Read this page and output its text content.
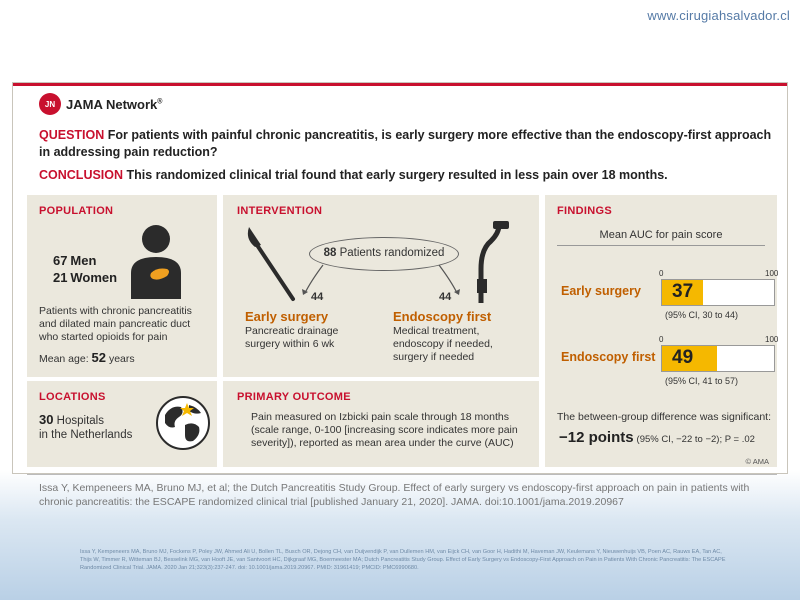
www.cirugiahsalvador.cl
JN JAMA Network®

QUESTION For patients with painful chronic pancreatitis, is early surgery more effective than the endoscopy-first approach in addressing pain reduction?

CONCLUSION This randomized clinical trial found that early surgery resulted in less pain over 18 months.

POPULATION
67 Men
21 Women
Patients with chronic pancreatitis and dilated main pancreatic duct who started opioids for pain
Mean age: 52 years
LOCATIONS
30 Hospitals
in the Netherlands
INTERVENTION
88 Patients randomized
44	44
Early surgery
Pancreatic drainage
surgery within 6 wk
Endoscopy first
Medical treatment,
endoscopy if needed,
surgery if needed
PRIMARY OUTCOME
Pain measured on Izbicki pain scale through 18 months (scale range, 0-100 [increasing score indicates more pain severity]), reported as mean area under the curve (AUC)
FINDINGS
Mean AUC for pain score
0	100
Early surgery 37
(95% CI, 30 to 44)
0	100
Endoscopy first 49
(95% CI, 41 to 57)
The between-group difference was significant:
−12 points (95% CI, −22 to −2); P = .02
© AMA
Issa Y, Kempeneers MA, Bruno MJ, et al; the Dutch Pancreatitis Study Group. Effect of early surgery vs endoscopy-first approach on pain in patients with chronic pancreatitis: the ESCAPE randomized clinical trial [published January 21, 2020]. JAMA. doi:10.1001/jama.2019.20967
Issa Y, Kempeneers MA, Bruno MJ, Fockens P, Poley JW, Ahmed Ali U, Bollen TL, Busch OR, Dejong CH, van Duijvendijk P, van Dullemen HM, van Eijck CH, van Goor H, Hadithi M, Haveman JW, Keulemans Y, Nieuwenhuijs VB, Poen AC, Rauws EA, Tan AC, Thijs W, Timmer R, Witteman BJ, Besselink MG, van Hooft JE, van Santvoort HC, Dijkgraaf MG, Boermeester MA; Dutch Pancreatitis Study Group. Effect of Early Surgery vs Endoscopy-First Approach on Pain in Patients With Chronic Pancreatitis: The ESCAPE Randomized Clinical Trial. JAMA. 2020 Jan 21;323(3):237-247. doi: 10.1001/jama.2019.20967. PMID: 31961419; PMCID: PMC6990680.
